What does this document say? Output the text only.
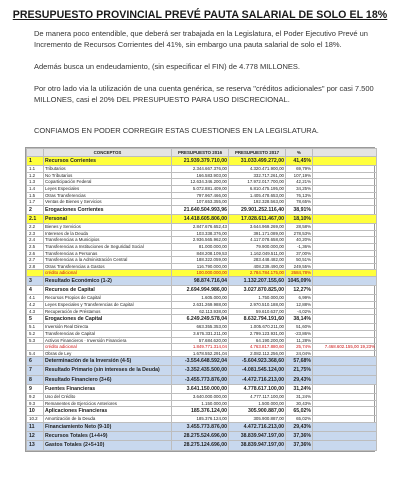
PRESUPUESTO PROVINCIAL PREVÉ PAUTA SALARIAL DE SOLO EL 18%
De manera poco entendible, que deberá ser trabajada en la Legislatura, el Poder Ejecutivo Prevé un Incremento de Recursos Corrientes del 41%, sin embargo una pauta salarial de solo el 18%.
Además busca un endeudamiento, (sin especificar el FIN) de 4.778 MILLONES.
Por otro lado via la utilización de una cuenta genérica, se reserva "créditos adicionales" por casi 7.500 MILLONES, casi el 20% DEL PRESUPUESTO PARA USO DISCRECIONAL.
CONFIAMOS EN PODER CORREGIR ESTAS CUESTIONES EN LA LEGISLATURA.
	CONCEPTOS	PRESUPUESTO 2016	PRESUPUESTO 2017	%	
1	Recursos Corrientes	21.939.379.710,00	31.033.499.272,00	41,45%	
1.1	Tributarios	2.344.667.376,00	4.320.471.900,00	69,79%	
1.2	No Tributarios	166.583.903,00	332.717.261,00	107,19%	
1.3	Coparticipación Federal	12.634.346.200,00	17.972.017.700,00	42,21%	
1.4	Leyes Especiales	5.072.881.409,00	6.810.475.195,00	34,25%	
1.5	Otras Transferencias	797.967.466,00	1.405.478.653,00	76,13%	
1.7	Ventas de Bienes y Servicios	107.653.355,00	192.328.563,00	78,65%	
2	Erogaciones Corrientes	21.640.504.993,96	29.901.252.116,40	38,91%	
2.1	Personal	14.418.605.806,00	17.028.611.467,00	18,10%	
2.2	Bienes y Servicios	2.847.676.652,43	3.644.969.269,00	28,58%	
2.3	Intereses de la Deuda	103.338.376,00	391.171.089,00	278,53%	
2.4	Transferencias a Municipios	2.936.565.962,00	4.117.078.658,00	40,20%	
2.5	Transferencias a Instituciones de Seguridad Social	81.000.000,00	79.900.000,00	-1,36%	
2.6	Transferencias a Personas	848.208.109,53	1.162.049.511,00	37,00%	
2.7	Transferencias a la Administración Central	188.322.059,00	283.448.482,00	50,51%	
2.8	Otras Transferencias a Gastos	116.790.000,00	408.239.490,00	249,55%	
	crédito adicional	100.000.000,00	2.784.784.175,00	2684,78%	
3	Resultado Económico (1-2)	98.874.716,04	1.132.207.155,60	1045,09%	
4	Recursos de Capital	2.694.994.986,00	3.027.870.825,00	12,27%	
4.1	Recursos Propios de Capital	1.605.000,00	1.750.000,00	6,99%	
4.2	Leyes Especiales y Transferencias de Capital	2.631.269.988,00	2.970.510.188,00	12,88%	
4.3	Recuperación de Préstamos	62.113.938,00	59.610.637,00	-4,02%	
5	Erogaciones de Capital	6.249.249.578,04	8.632.794.191,60	38,14%	
5.1	Inversión Real Directa	663.355.353,00	1.005.670.211,00	51,60%	
5.2	Transferencias de Capital	3.676.331.211,00	2.799.123.931,00	-23,86%	
5.3	Activos Financieros · Inversión Financiera	57.684.620,00	64.190.200,00	11,28%	
	crédito adicional	1.849.771.314,04	4.763.817.880,60	25,74%	7.468.602.155,00 19,23%
5.4	Obras de Ley	1.678.552.291,04	2.082.112.256,00	24,04%	
6	Determinación de la Inversión (4-5)	-3.554.648.592,04	-5.604.923.368,60	57,68%	
7	Resultado Primario (sin intereses de la Deuda)	-3.352.435.500,00	-4.081.545.124,00	21,75%	
8	Resultado Financiero (3+6)	-3.455.773.876,00	-4.472.716.213,00	29,43%	
9	Fuentes Financieras	3.641.150.000,00	4.778.617.100,00	31,24%	
9.2	Uso del Crédito	3.640.000.000,00	4.777.117.100,00	31,24%	
9.3	Remanentes de Ejercicios Anteriores	1.150.000,00	1.500.000,00	30,43%	
10	Aplicaciones Financieras	185.376.124,00	305.900.887,00	65,02%	
10.2	Amortización de la Deuda	185.376.124,00	305.900.887,00	65,02%	
11	Financiamiento Neto (9-10)	3.455.773.876,00	4.472.716.213,00	29,43%	
12	Recursos Totales (1+4+9)	28.275.524.696,00	38.839.947.197,00	37,36%	
13	Gastos Totales (2+5+10)	28.275.124.696,00	38.839.947.197,00	37,36%	
